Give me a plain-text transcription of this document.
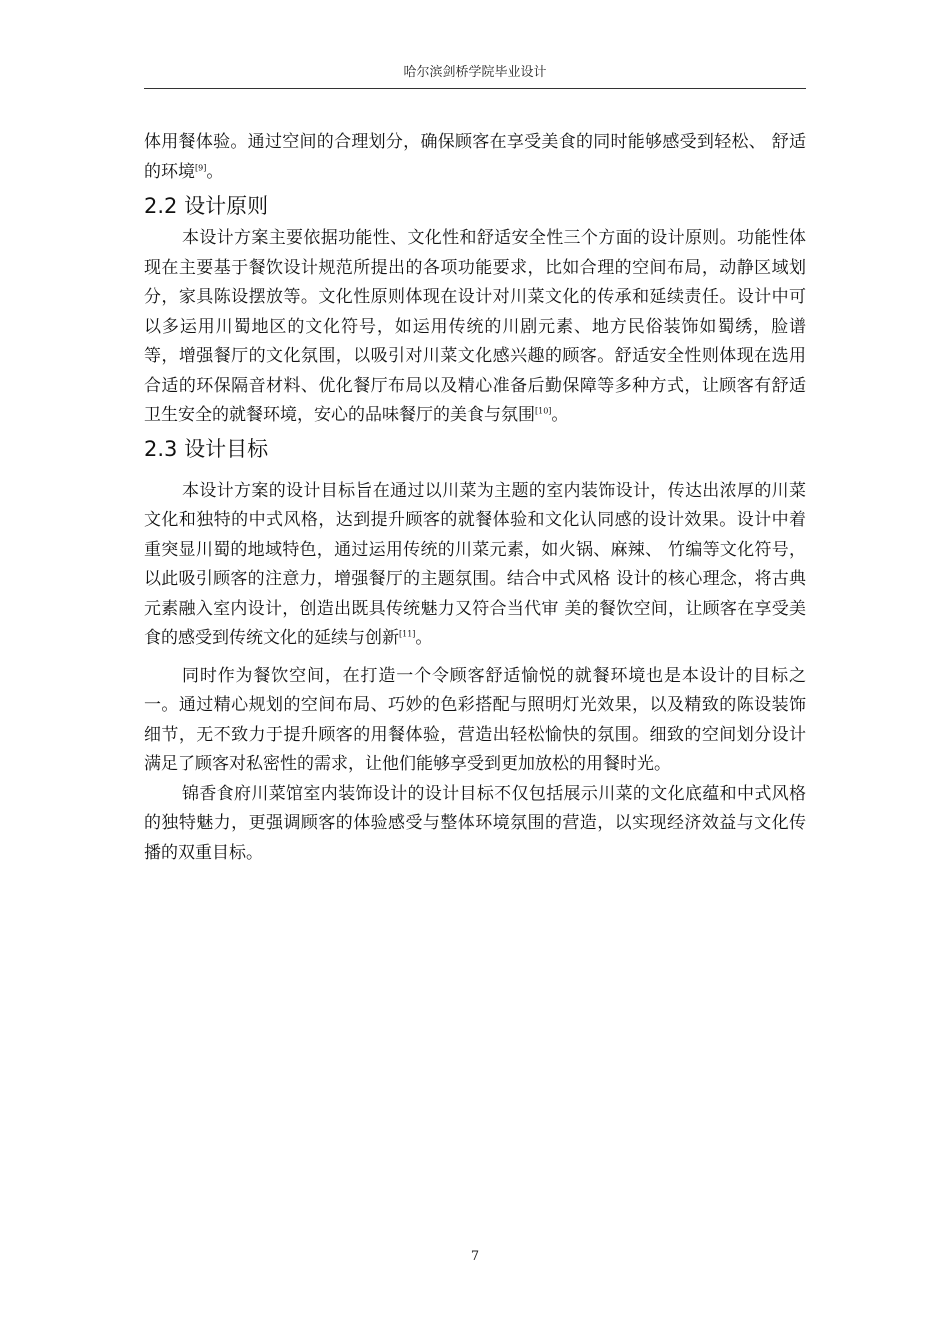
哈尔滨剑桥学院毕业设计

体用餐体验。通过空间的合理划分，确保顾客在享受美食的同时能够感受到轻松、 舒适的环境[9]。

2.2 设计原则

本设计方案主要依据功能性、文化性和舒适安全性三个方面的设计原则。功能性体现在主要基于餐饮设计规范所提出的各项功能要求，比如合理的空间布局，动静区域划分，家具陈设摆放等。文化性原则体现在设计对川菜文化的传承和延续责任。设计中可以多运用川蜀地区的文化符号，如运用传统的川剧元素、地方民俗装饰如蜀绣，脸谱等，增强餐厅的文化氛围，以吸引对川菜文化感兴趣的顾客。舒适安全性则体现在选用合适的环保隔音材料、优化餐厅布局以及精心准备后勤保障等多种方式，让顾客有舒适卫生安全的就餐环境，安心的品味餐厅的美食与氛围[10]。

2.3 设计目标

本设计方案的设计目标旨在通过以川菜为主题的室内装饰设计，传达出浓厚的川菜文化和独特的中式风格，达到提升顾客的就餐体验和文化认同感的设计效果。设计中着重突显川蜀的地域特色，通过运用传统的川菜元素，如火锅、麻辣、 竹编等文化符号，以此吸引顾客的注意力，增强餐厅的主题氛围。结合中式风格 设计的核心理念，将古典元素融入室内设计，创造出既具传统魅力又符合当代审 美的餐饮空间，让顾客在享受美食的感受到传统文化的延续与创新[11]。

同时作为餐饮空间，在打造一个令顾客舒适愉悦的就餐环境也是本设计的目标之一。通过精心规划的空间布局、巧妙的色彩搭配与照明灯光效果，以及精致的陈设装饰细节，无不致力于提升顾客的用餐体验，营造出轻松愉快的氛围。细致的空间划分设计满足了顾客对私密性的需求，让他们能够享受到更加放松的用餐时光。

锦香食府川菜馆室内装饰设计的设计目标不仅包括展示川菜的文化底蕴和中式风格的独特魅力，更强调顾客的体验感受与整体环境氛围的营造，以实现经济效益与文化传播的双重目标。

7
